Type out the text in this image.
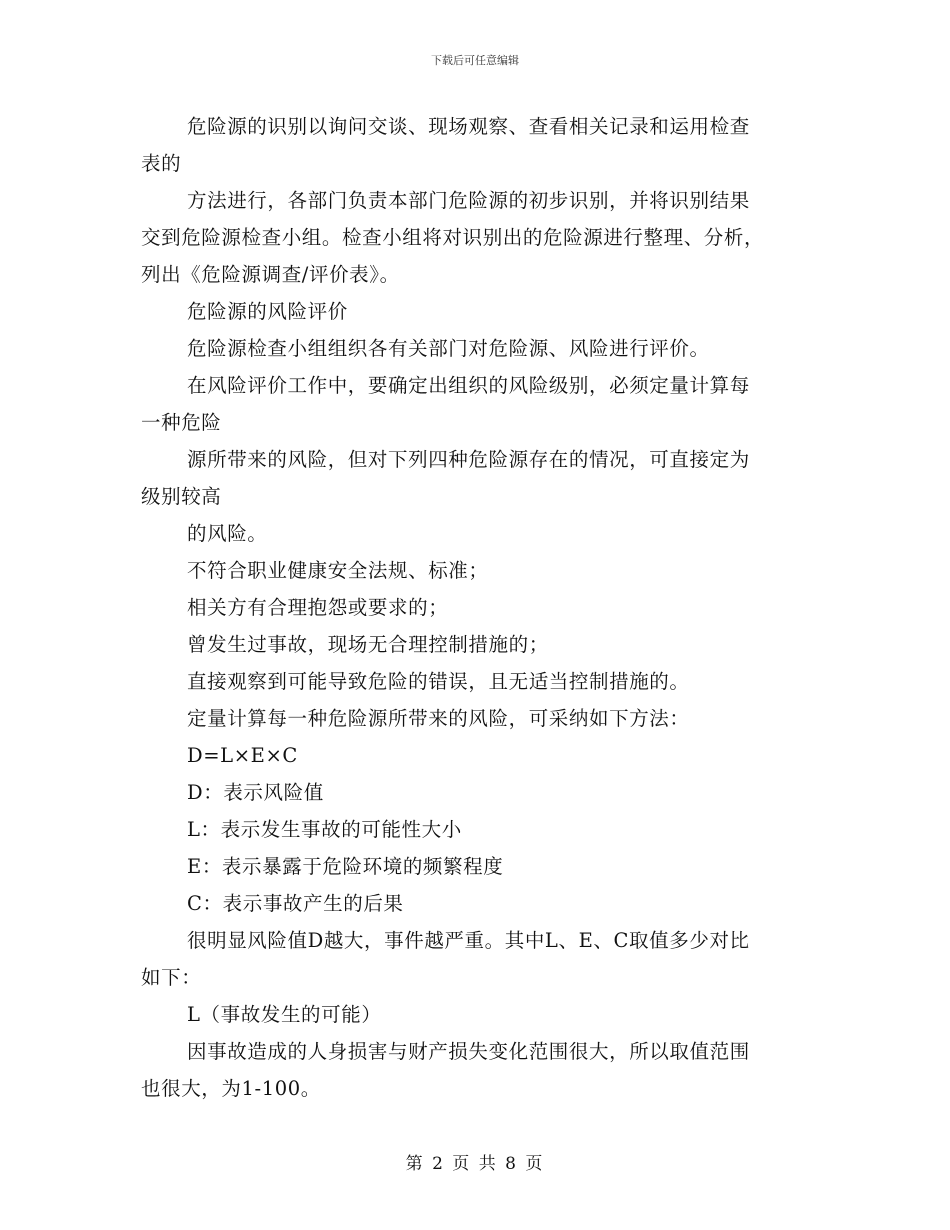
下载后可任意编辑
危险源的识别以询问交谈、现场观察、查看相关记录和运用检查
表的
方法进行，各部门负责本部门危险源的初步识别，并将识别结果
交到危险源检查小组。检查小组将对识别出的危险源进行整理、分析，
列出《危险源调查/评价表》。
危险源的风险评价
危险源检查小组组织各有关部门对危险源、风险进行评价。
在风险评价工作中，要确定出组织的风险级别，必须定量计算每
一种危险
源所带来的风险，但对下列四种危险源存在的情况，可直接定为
级别较高
的风险。
不符合职业健康安全法规、标准；
相关方有合理抱怨或要求的；
曾发生过事故，现场无合理控制措施的；
直接观察到可能导致危险的错误，且无适当控制措施的。
定量计算每一种危险源所带来的风险，可采纳如下方法：
D=L×E×C
D：表示风险值
L：表示发生事故的可能性大小
E：表示暴露于危险环境的频繁程度
C：表示事故产生的后果
很明显风险值D越大，事件越严重。其中L、E、C取值多少对比
如下：
L（事故发生的可能）
因事故造成的人身损害与财产损失变化范围很大，所以取值范围
也很大，为1-100。
第 2 页 共 8 页
